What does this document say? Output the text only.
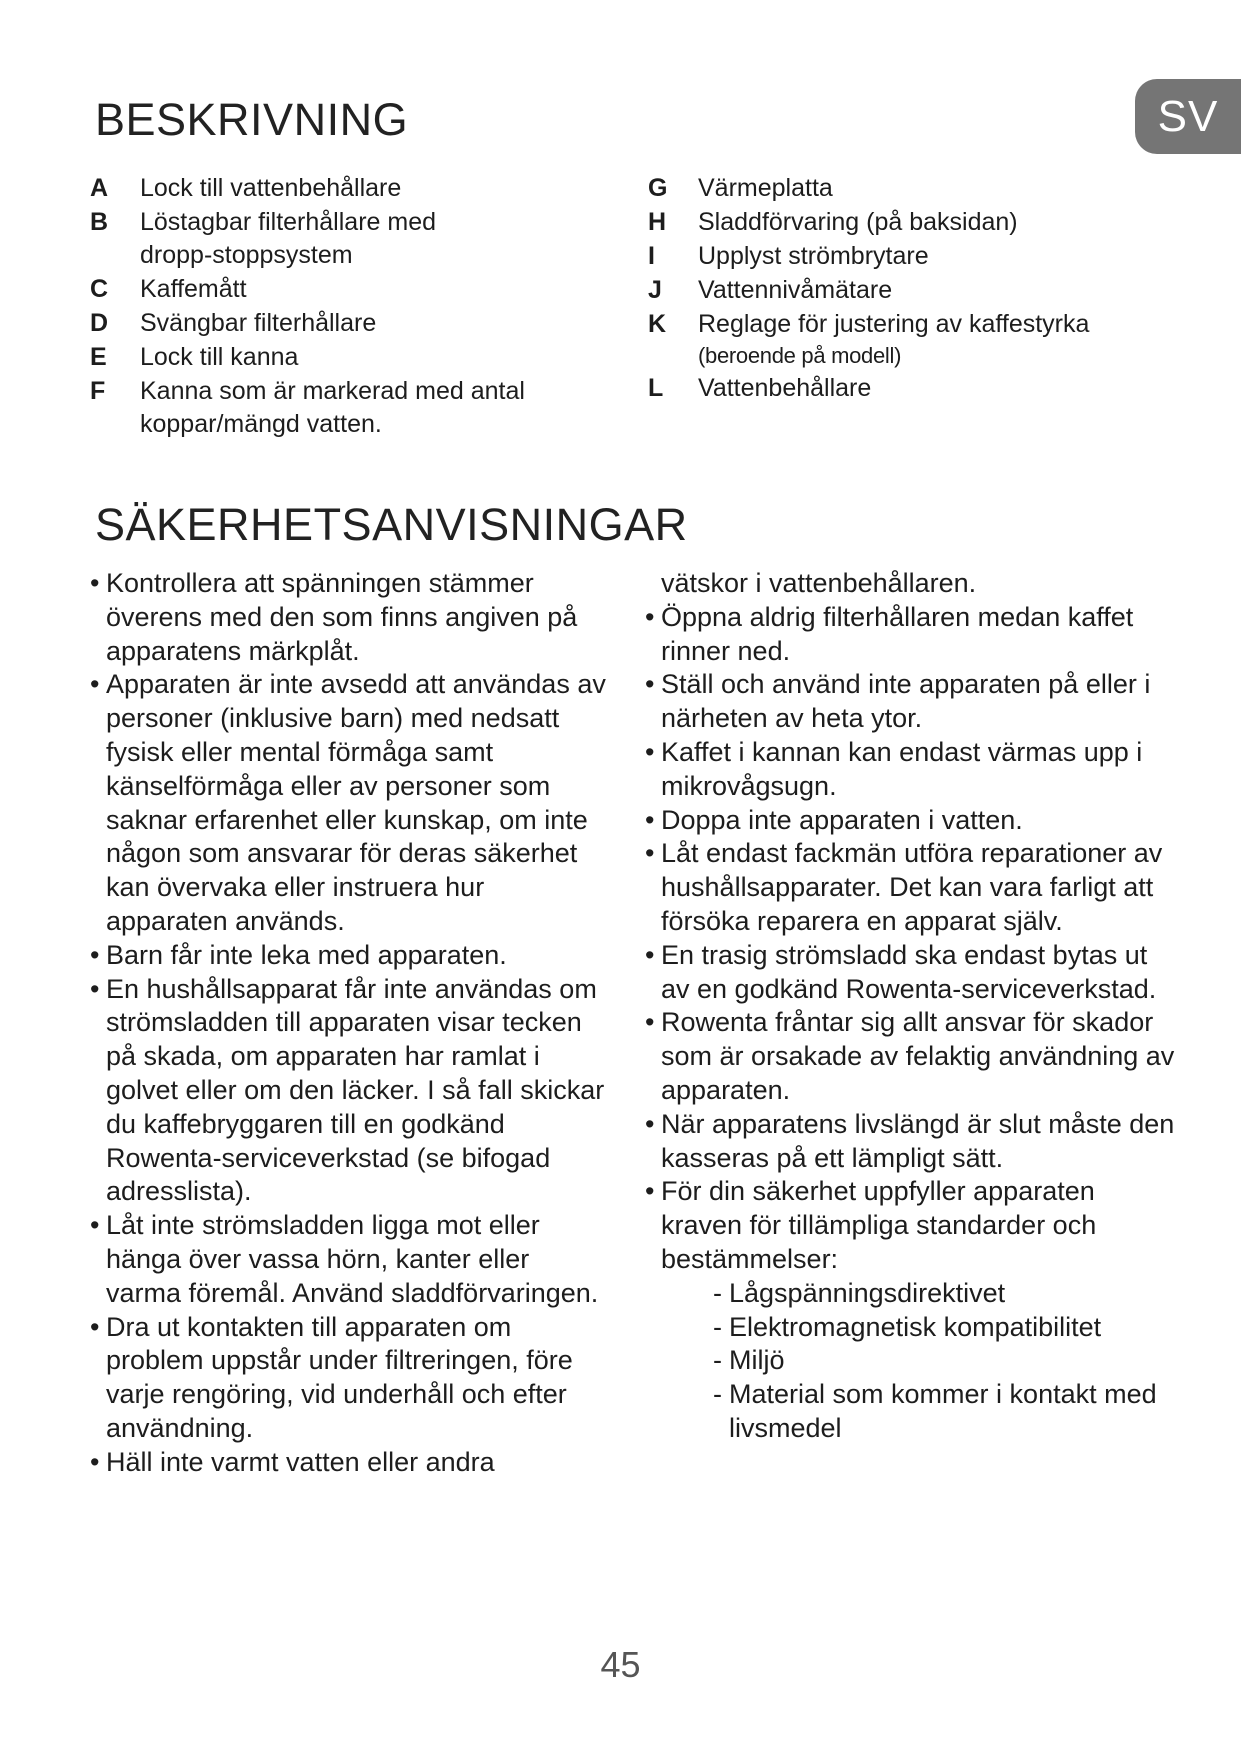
SV
BESKRIVNING
A	Lock till vattenbehållare
B	Löstagbar filterhållare med dropp-stoppsystem
C	Kaffemått
D	Svängbar filterhållare
E	Lock till kanna
F	Kanna som är markerad med antal koppar/mängd vatten.
G	Värmeplatta
H	Sladdförvaring (på baksidan)
I	Upplyst strömbrytare
J	Vattennivåmätare
K	Reglage för justering av kaffestyrka
(beroende på modell)
L	Vattenbehållare
SÄKERHETSANVISNINGAR
• Kontrollera att spänningen stämmer överens med den som finns angiven på apparatens märkplåt.
• Apparaten är inte avsedd att användas av personer (inklusive barn) med nedsatt fysisk eller mental förmåga samt känselförmåga eller av personer som saknar erfarenhet eller kunskap, om inte någon som ansvarar för deras säkerhet kan övervaka eller instruera hur apparaten används.
• Barn får inte leka med apparaten.
• En hushållsapparat får inte användas om strömsladden till apparaten visar tecken på skada, om apparaten har ramlat i golvet eller om den läcker. I så fall skickar du kaffebryggaren till en godkänd Rowenta-serviceverkstad (se bifogad adresslista).
• Låt inte strömsladden ligga mot eller hänga över vassa hörn, kanter eller varma föremål. Använd sladdförvaringen.
• Dra ut kontakten till apparaten om problem uppstår under filtreringen, före varje rengöring, vid underhåll och efter användning.
• Häll inte varmt vatten eller andra
vätskor i vattenbehållaren.
• Öppna aldrig filterhållaren medan kaffet rinner ned.
• Ställ och använd inte apparaten på eller i närheten av heta ytor.
• Kaffet i kannan kan endast värmas upp i mikrovågsugn.
• Doppa inte apparaten i vatten.
• Låt endast fackmän utföra reparationer av hushållsapparater. Det kan vara farligt att försöka reparera en apparat själv.
• En trasig strömsladd ska endast bytas ut av en godkänd Rowenta-serviceverkstad.
• Rowenta fråntar sig allt ansvar för skador som är orsakade av felaktig användning av apparaten.
• När apparatens livslängd är slut måste den kasseras på ett lämpligt sätt.
• För din säkerhet uppfyller apparaten kraven för tillämpliga standarder och bestämmelser:
- Lågspänningsdirektivet
- Elektromagnetisk kompatibilitet
- Miljö
- Material som kommer i kontakt med livsmedel
45
